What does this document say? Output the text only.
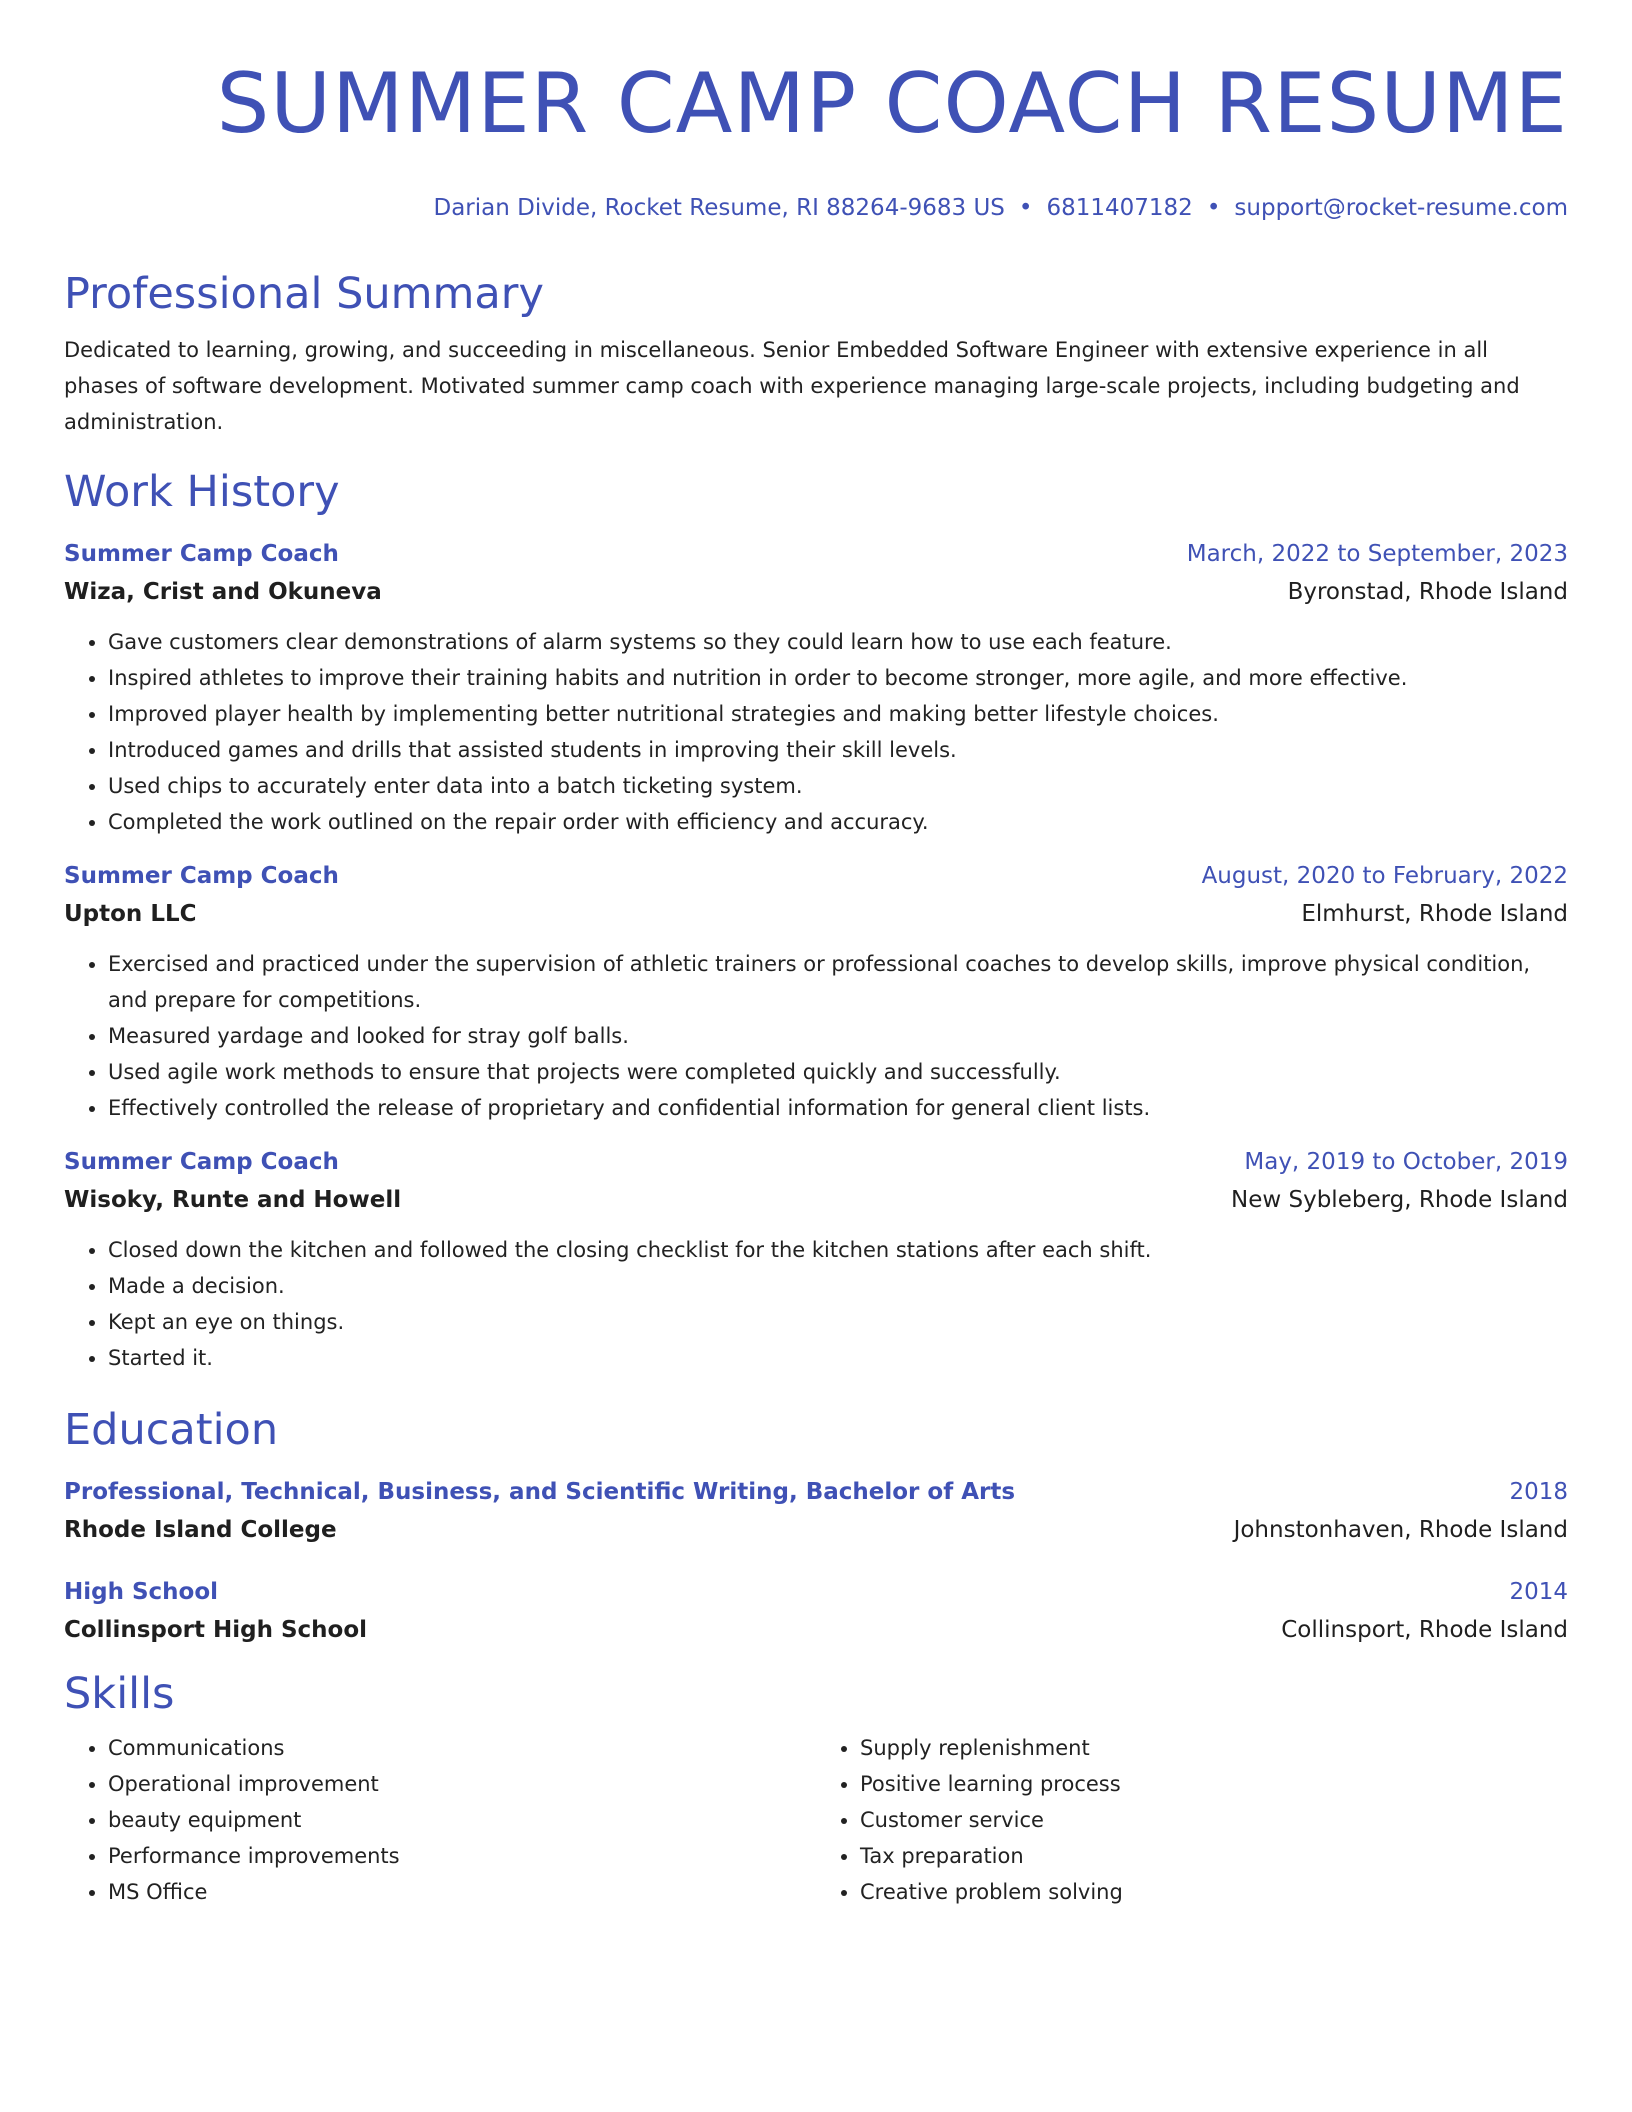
SUMMER CAMP COACH RESUME
Darian Divide, Rocket Resume, RI 88264-9683 US • 6811407182 • support@rocket-resume.com
Professional Summary
Dedicated to learning, growing, and succeeding in miscellaneous. Senior Embedded Software Engineer with extensive experience in all phases of software development. Motivated summer camp coach with experience managing large-scale projects, including budgeting and administration.
Work History
Summer Camp Coach	March, 2022 to September, 2023
Wiza, Crist and Okuneva	Byronstad, Rhode Island
• Gave customers clear demonstrations of alarm systems so they could learn how to use each feature.
• Inspired athletes to improve their training habits and nutrition in order to become stronger, more agile, and more effective.
• Improved player health by implementing better nutritional strategies and making better lifestyle choices.
• Introduced games and drills that assisted students in improving their skill levels.
• Used chips to accurately enter data into a batch ticketing system.
• Completed the work outlined on the repair order with efficiency and accuracy.
Summer Camp Coach	August, 2020 to February, 2022
Upton LLC	Elmhurst, Rhode Island
• Exercised and practiced under the supervision of athletic trainers or professional coaches to develop skills, improve physical condition, and prepare for competitions.
• Measured yardage and looked for stray golf balls.
• Used agile work methods to ensure that projects were completed quickly and successfully.
• Effectively controlled the release of proprietary and confidential information for general client lists.
Summer Camp Coach	May, 2019 to October, 2019
Wisoky, Runte and Howell	New Sybleberg, Rhode Island
• Closed down the kitchen and followed the closing checklist for the kitchen stations after each shift.
• Made a decision.
• Kept an eye on things.
• Started it.
Education
Professional, Technical, Business, and Scientific Writing, Bachelor of Arts	2018
Rhode Island College	Johnstonhaven, Rhode Island
High School	2014
Collinsport High School	Collinsport, Rhode Island
Skills
• Communications
• Operational improvement
• beauty equipment
• Performance improvements
• MS Office
• Supply replenishment
• Positive learning process
• Customer service
• Tax preparation
• Creative problem solving
